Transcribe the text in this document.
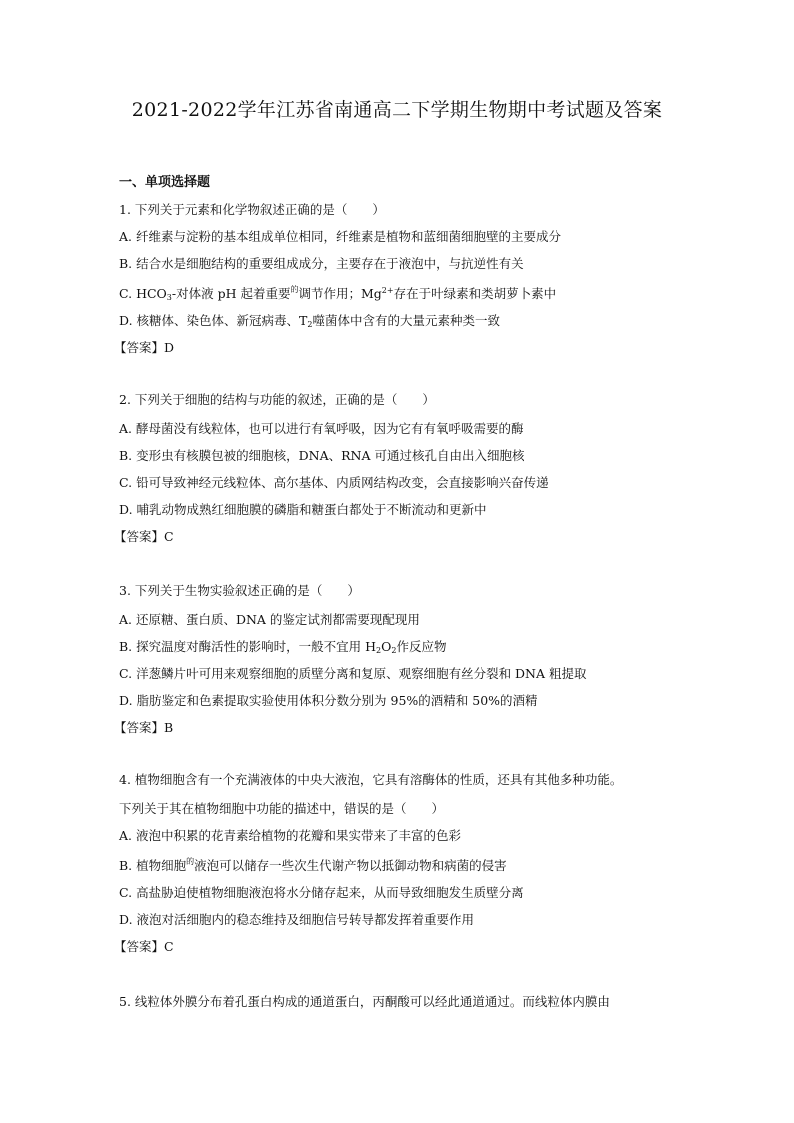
2021-2022学年江苏省南通高二下学期生物期中考试题及答案
一、单项选择题
1. 下列关于元素和化学物叙述正确的是（　　）
A. 纤维素与淀粉的基本组成单位相同，纤维素是植物和蓝细菌细胞壁的主要成分
B. 结合水是细胞结构的重要组成成分，主要存在于液泡中，与抗逆性有关
C. $HCO_3-$对体液 pH 起着重要$^的$调节作用；$Mg^{2+}$存在于叶绿素和类胡萝卜素中
D. 核糖体、染色体、新冠病毒、$T_2$噬菌体中含有的大量元素种类一致
【答案】D
2. 下列关于细胞的结构与功能的叙述，正确的是（　　）
A. 酵母菌没有线粒体，也可以进行有氧呼吸，因为它有有氧呼吸需要的酶
B. 变形虫有核膜包被的细胞核，DNA、RNA 可通过核孔自由出入细胞核
C. 铅可导致神经元线粒体、高尔基体、内质网结构改变，会直接影响兴奋传递
D. 哺乳动物成熟红细胞膜的磷脂和糖蛋白都处于不断流动和更新中
【答案】C
3. 下列关于生物实验叙述正确的是（　　）
A. 还原糖、蛋白质、DNA 的鉴定试剂都需要现配现用
B. 探究温度对酶活性的影响时，一般不宜用 $H_2O_2$作反应物
C. 洋葱鳞片叶可用来观察细胞的质壁分离和复原、观察细胞有丝分裂和 DNA 粗提取
D. 脂肪鉴定和色素提取实验使用体积分数分别为 95%的酒精和 50%的酒精
【答案】B
4. 植物细胞含有一个充满液体的中央大液泡，它具有溶酶体的性质，还具有其他多种功能。
下列关于其在植物细胞中功能的描述中，错误的是（　　）
A. 液泡中积累的花青素给植物的花瓣和果实带来了丰富的色彩
B. 植物细胞$^的$液泡可以储存一些次生代谢产物以抵御动物和病菌的侵害
C. 高盐胁迫使植物细胞液泡将水分储存起来，从而导致细胞发生质壁分离
D. 液泡对活细胞内的稳态维持及细胞信号转导都发挥着重要作用
【答案】C
5. 线粒体外膜分布着孔蛋白构成的通道蛋白，丙酮酸可以经此通道通过。而线粒体内膜由
